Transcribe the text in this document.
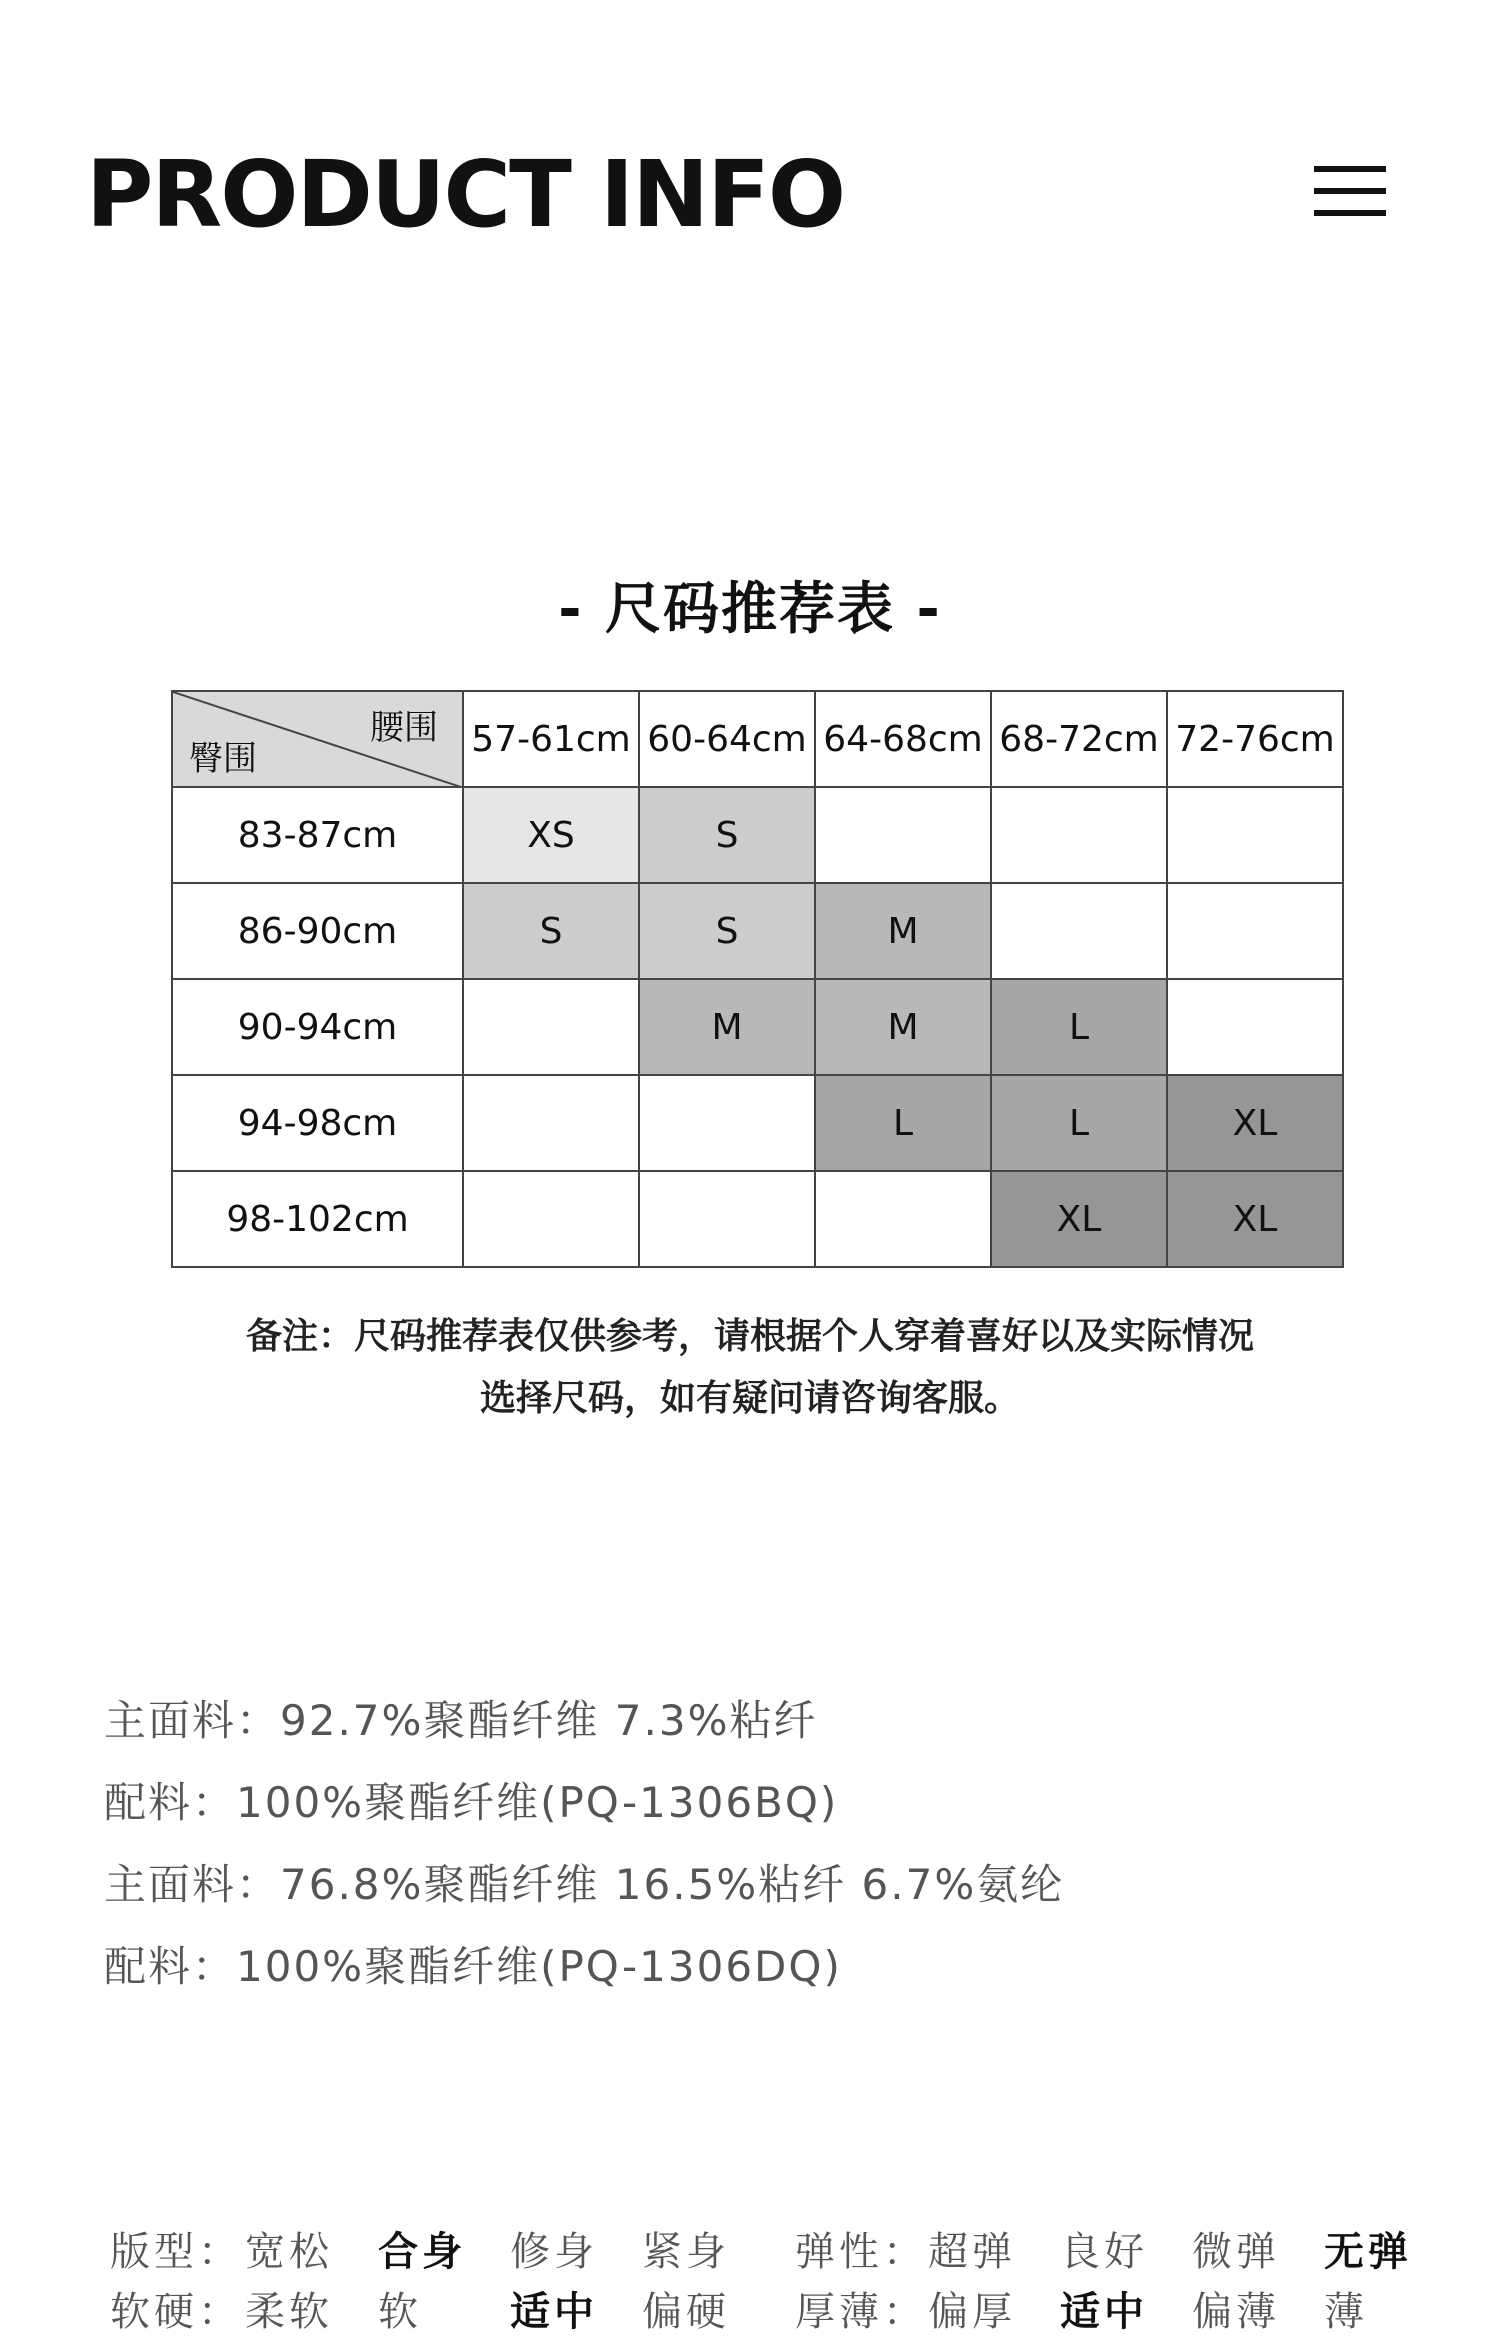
PRODUCT INFO
- 尺码推荐表 -
腰围
臀围	57-61cm	60-64cm	64-68cm	68-72cm	72-76cm
83-87cm	XS	S			
86-90cm	S	S	M		
90-94cm		M	M	L	
94-98cm			L	L	XL
98-102cm				XL	XL
备注：尺码推荐表仅供参考，请根据个人穿着喜好以及实际情况
选择尺码，如有疑问请咨询客服。
主面料：92.7%聚酯纤维 7.3%粘纤
配料：100%聚酯纤维(PQ-1306BQ)
主面料：76.8%聚酯纤维 16.5%粘纤 6.7%氨纶
配料：100%聚酯纤维(PQ-1306DQ)
版型： 宽松 合身 修身 紧身 弹性： 超弹 良好 微弹 无弹
软硬： 柔软 软 适中 偏硬 厚薄： 偏厚 适中 偏薄 薄
